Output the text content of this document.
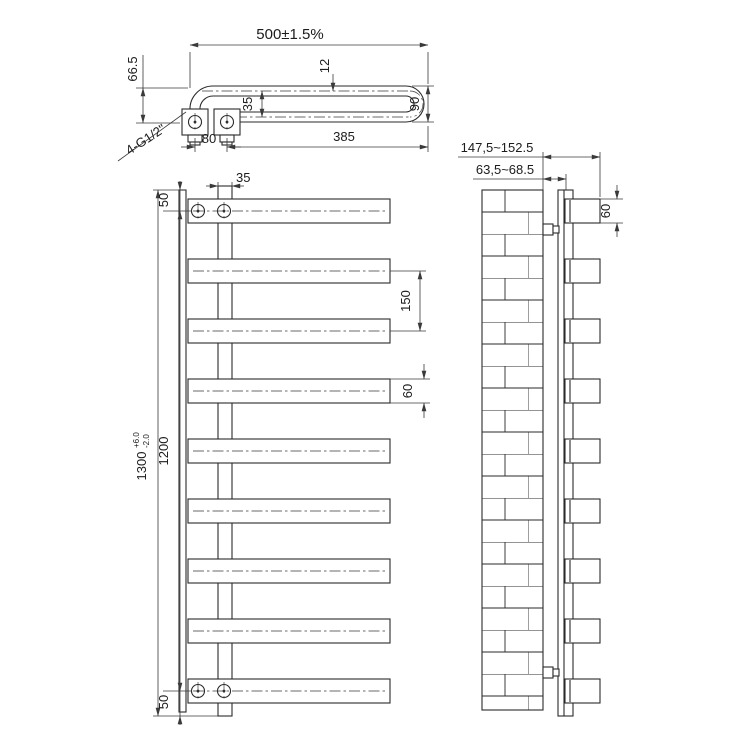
500±1.5%
66.5	12
35	90
385
80
4-G1/2"
35
1300
+6.0 -2.0 1200
50
50
150
60
147,5~152.5
63,5~68.5
60
